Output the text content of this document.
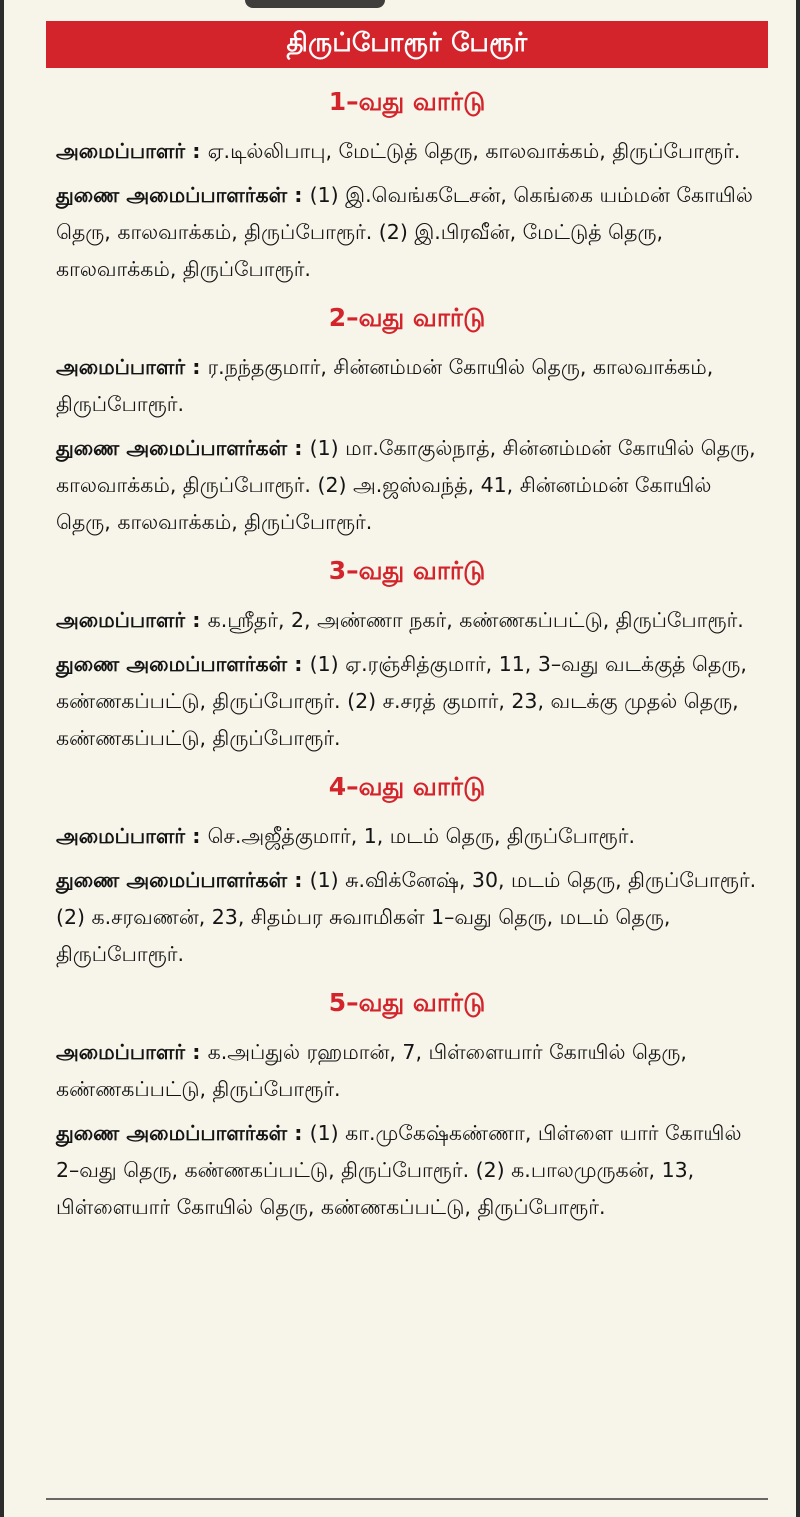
திருப்போரூர் பேரூர்
1–வது வார்டு

அமைப்பாளர் : ஏ.டில்லிபாபு, மேட்டுத் தெரு, காலவாக்கம், திருப்போரூர்.

துணை அமைப்பாளர்கள் : (1) இ.வெங்கடேசன், கெங்கை யம்மன் கோயில் தெரு, காலவாக்கம், திருப்போரூர். (2) இ.பிரவீன், மேட்டுத் தெரு, காலவாக்கம், திருப்போரூர்.

2–வது வார்டு

அமைப்பாளர் : ர.நந்தகுமார், சின்னம்மன் கோயில் தெரு, காலவாக்கம், திருப்போரூர்.

துணை அமைப்பாளர்கள் : (1) மா.கோகுல்நாத், சின்னம்மன் கோயில் தெரு, காலவாக்கம், திருப்போரூர். (2) அ.ஜஸ்வந்த், 41, சின்னம்மன் கோயில் தெரு, காலவாக்கம், திருப்போரூர்.

3–வது வார்டு

அமைப்பாளர் : க.ஸ்ரீதர், 2, அண்ணா நகர், கண்ணகப்பட்டு, திருப்போரூர்.

துணை அமைப்பாளர்கள் : (1) ஏ.ரஞ்சித்குமார், 11, 3–வது வடக்குத் தெரு, கண்ணகப்பட்டு, திருப்போரூர். (2) ச.சரத் குமார், 23, வடக்கு முதல் தெரு, கண்ணகப்பட்டு, திருப்போரூர்.

4–வது வார்டு

அமைப்பாளர் : செ.அஜீத்குமார், 1, மடம் தெரு, திருப்போரூர்.

துணை அமைப்பாளர்கள் : (1) சு.விக்னேஷ், 30, மடம் தெரு, திருப்போரூர். (2) க.சரவணன், 23, சிதம்பர சுவாமிகள் 1–வது தெரு, மடம் தெரு, திருப்போரூர்.

5–வது வார்டு

அமைப்பாளர் : க.அப்துல் ரஹமான், 7, பிள்ளையார் கோயில் தெரு, கண்ணகப்பட்டு, திருப்போரூர்.

துணை அமைப்பாளர்கள் : (1) கா.முகேஷ்கண்ணா, பிள்ளை யார் கோயில் 2–வது தெரு, கண்ணகப்பட்டு, திருப்போரூர். (2) க.பாலமுருகன், 13, பிள்ளையார் கோயில் தெரு, கண்ணகப்பட்டு, திருப்போரூர்.
